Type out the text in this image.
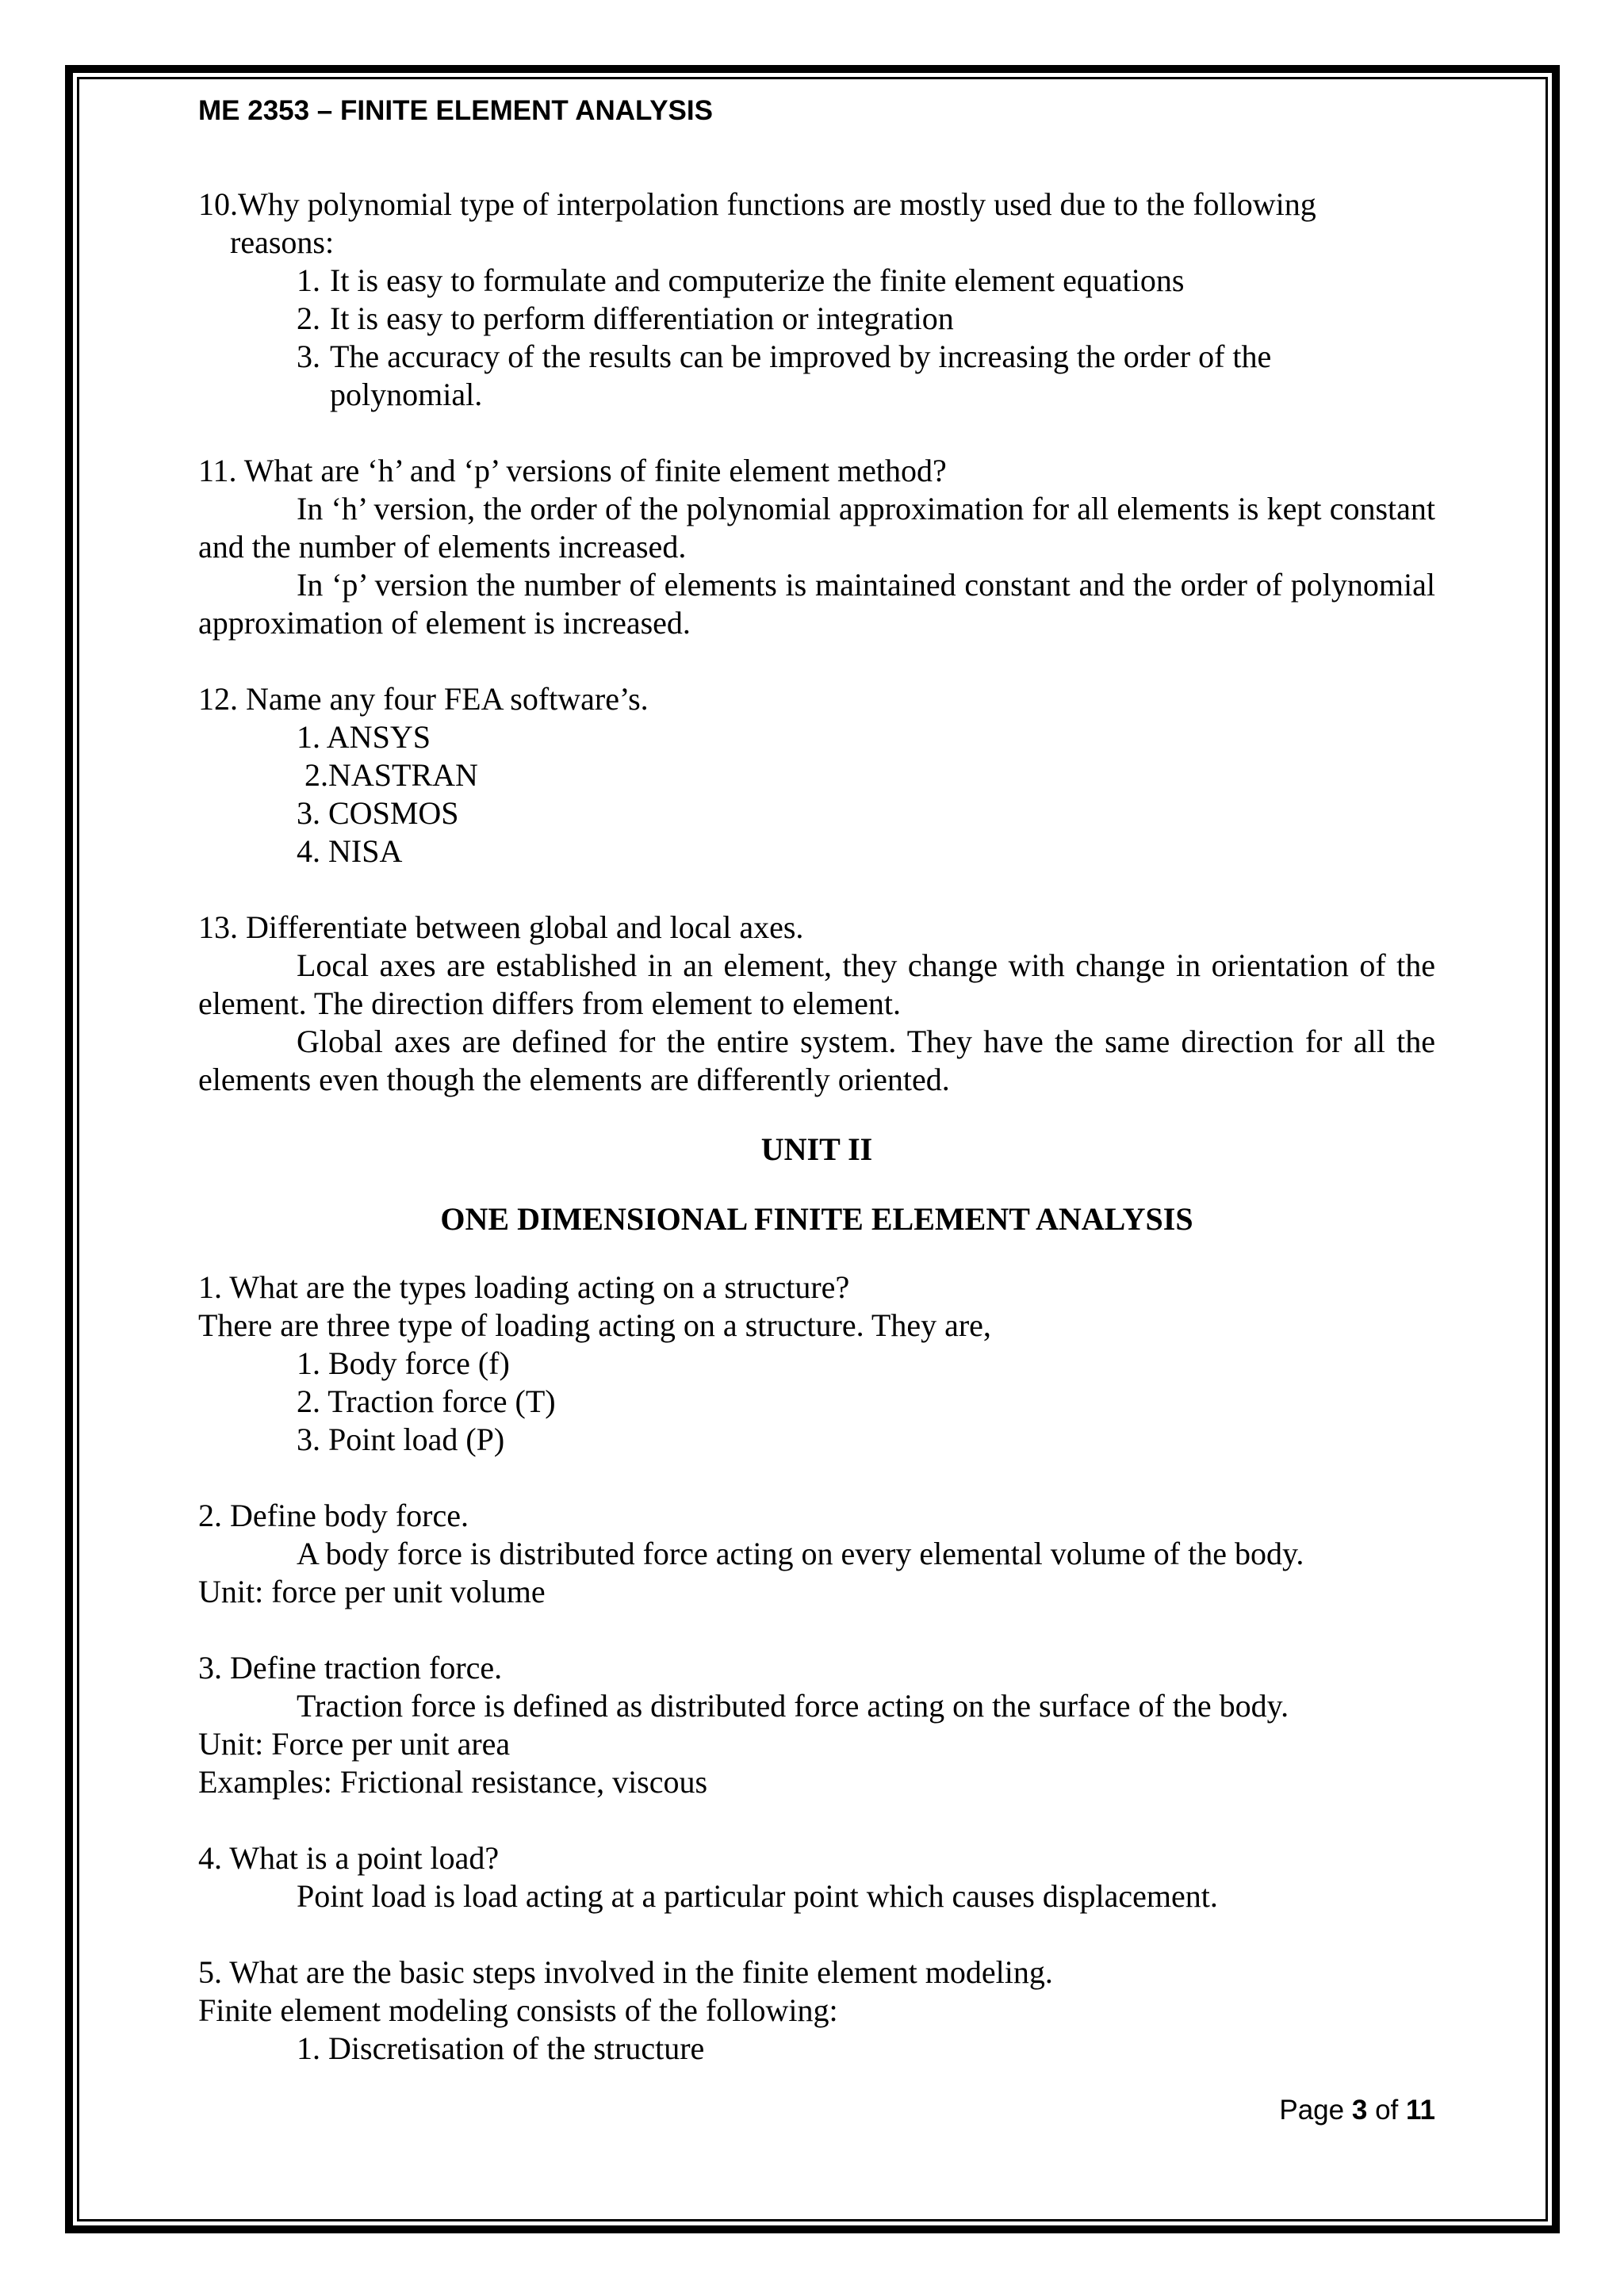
ME 2353 – FINITE ELEMENT ANALYSIS

10.Why polynomial type of interpolation functions are mostly used due to the following

reasons:

1. It is easy to formulate and computerize the finite element equations
2. It is easy to perform differentiation or integration
3. The accuracy of the results can be improved by increasing the order of the polynomial.

11. What are ‘h’ and ‘p’ versions of finite element method?

In ‘h’ version, the order of the polynomial approximation for all elements is kept constant and the number of elements increased.

In ‘p’ version the number of elements is maintained constant and the order of polynomial approximation of element is increased.

12. Name any four FEA software’s.

1. ANSYS

2.NASTRAN

3. COSMOS

4. NISA

13. Differentiate between global and local axes.

Local axes are established in an element, they change with change in orientation of the element. The direction differs from element to element.

Global axes are defined for the entire system. They have the same direction for all the elements even though the elements are differently oriented.

UNIT II

ONE DIMENSIONAL FINITE ELEMENT ANALYSIS

1. What are the types loading acting on a structure?

There are three type of loading acting on a structure. They are,

1. Body force (f)

2. Traction force (T)

3. Point load (P)

2. Define body force.

A body force is distributed force acting on every elemental volume of the body.

Unit: force per unit volume

3. Define traction force.

Traction force is defined as distributed force acting on the surface of the body.

Unit: Force per unit area

Examples: Frictional resistance, viscous

4. What is a point load?

Point load is load acting at a particular point which causes displacement.

5. What are the basic steps involved in the finite element modeling.

Finite element modeling consists of the following:

1. Discretisation of the structure

Page 3 of 11
